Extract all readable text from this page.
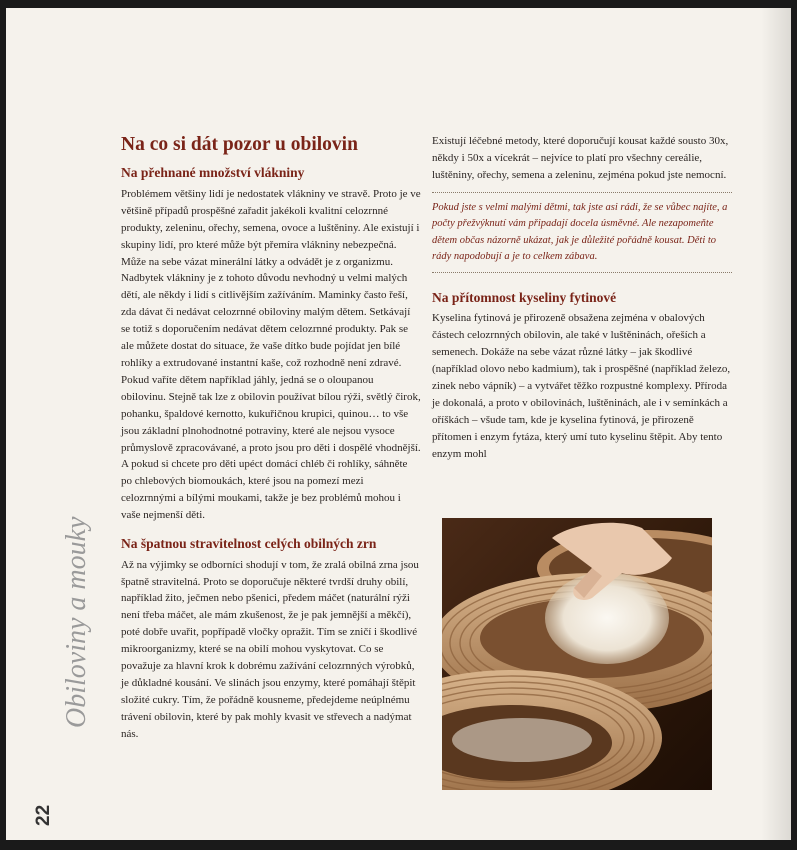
Na co si dát pozor u obilovin
Na přehnané množství vlákniny

Problémem většiny lidí je nedostatek vlákniny ve stravě. Proto je ve většině případů prospěšné zařadit jakékoli kvalitní celozrnné produkty, zeleninu, ořechy, semena, ovoce a luštěniny. Ale existují i skupiny lidí, pro které může být přemíra vlákniny nebezpečná. Může na sebe vázat minerální látky a odvádět je z organizmu. Nadbytek vlákniny je z tohoto důvodu nevhodný u velmi malých dětí, ale někdy i lidí s citlivějším zažíváním. Maminky často řeší, zda dávat či nedávat celozrnné obiloviny malým dětem. Setkávají se totiž s doporučením nedávat dětem celozrnné produkty. Pak se ale můžete dostat do situace, že vaše dítko bude pojídat jen bílé rohlíky a extrudované instantní kaše, což rozhodně není zdravé. Pokud vaříte dětem například jáhly, jedná se o oloupanou obilovinu. Stejně tak lze z obilovin používat bílou rýži, světlý čirok, pohanku, špaldové kernotto, kukuřičnou krupici, quinou… to vše jsou základní plnohodnotné potraviny, které ale nejsou vysoce průmyslově zpracovávané, a proto jsou pro děti i dospělé vhodnější. A pokud si chcete pro děti upéct domácí chléb či rohlíky, sáhněte po chlebových biomoukách, které jsou na pomezí mezi celozrnnými a bílými moukami, takže je bez problémů mohou i vaše nejmenší děti.

Na špatnou stravitelnost celých obilných zrn

Až na výjimky se odborníci shodují v tom, že zralá obilná zrna jsou špatně stravitelná. Proto se doporučuje některé tvrdší druhy obilí, například žito, ječmen nebo pšenici, předem máčet (naturální rýži není třeba máčet, ale mám zkušenost, že je pak jemnější a měkčí), poté dobře uvařit, popřípadě vločky opražit. Tím se zničí i škodlivé mikroorganizmy, které se na obilí mohou vyskytovat. Co se považuje za hlavní krok k dobrému zažívání celozrnných výrobků, je důkladné kousání. Ve slinách jsou enzymy, které pomáhají štěpit složité cukry. Tím, že pořádně kousneme, předejdeme neúplnému trávení obilovin, které by pak mohly kvasit ve střevech a nadýmat nás.

Existují léčebné metody, které doporučují kousat každé sousto 30x, někdy i 50x a vícekrát – nejvíce to platí pro všechny cereálie, luštěniny, ořechy, semena a zeleninu, zejména pokud jste nemocní.

Pokud jste s velmi malými dětmi, tak jste asi rádi, že se vůbec najíte, a počty přežvýknutí vám připadají docela úsměvné. Ale nezapomeňte dětem občas názorně ukázat, jak je důležité pořádně kousat. Děti to rády napodobují a je to celkem zábava.

Na přítomnost kyseliny fytinové

Kyselina fytinová je přirozeně obsažena zejména v obalových částech celozrnných obilovin, ale také v luštěninách, ořeších a semenech. Dokáže na sebe vázat různé látky – jak škodlivé (například olovo nebo kadmium), tak i prospěšné (například železo, zinek nebo vápník) – a vytvářet těžko rozpustné komplexy. Příroda je dokonalá, a proto v obilovinách, luštěninách, ale i v semínkách a oříškách – všude tam, kde je kyselina fytinová, je přirozeně přítomen i enzym fytáza, který umí tuto kyselinu štěpit. Aby tento enzym mohl

Obiloviny a mouky
22
